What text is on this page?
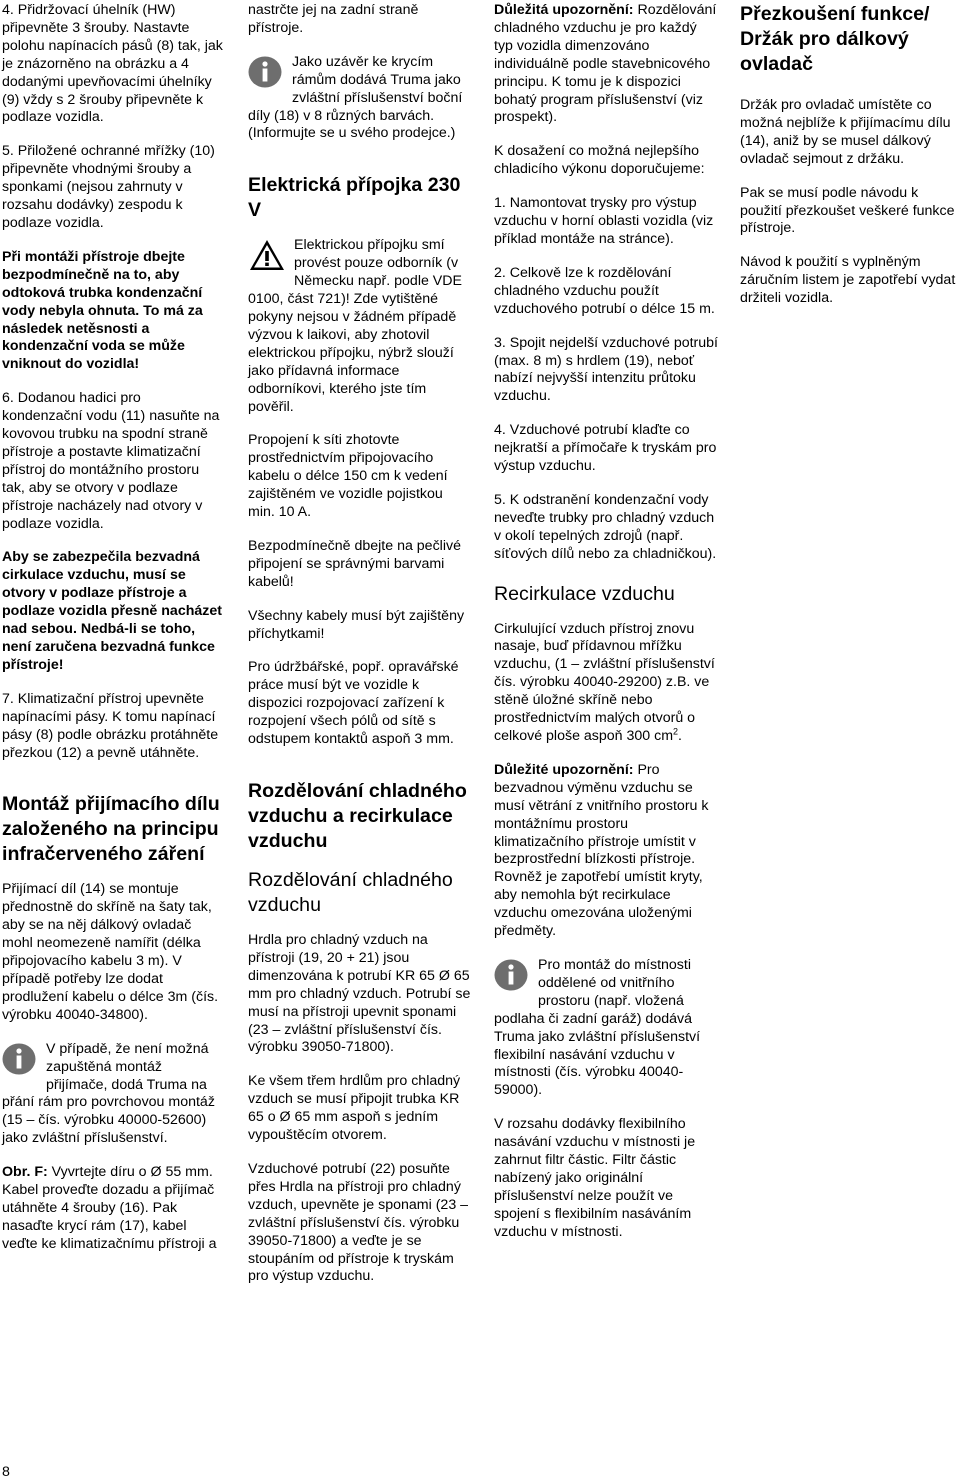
4. Přidržovací úhelník (HW) připevněte 3 šrouby. Nastavte polohu napínacích pásů (8) tak, jak je znázorněno na obrázku a 4 dodanými upevňovacími úhelníky (9) vždy s 2 šrouby připevněte k podlaze vozidla.

5. Přiložené ochranné mřížky (10) připevněte vhodnými šrouby a sponkami (nejsou zahrnuty v rozsahu dodávky) zespodu k podlaze vozidla.

Při montáži přístroje dbejte bezpodmínečně na to, aby odtoková trubka kondenzační vody nebyla ohnuta. To má za následek netěsnosti a kondenzační voda se může vniknout do vozidla!

6. Dodanou hadici pro kondenzační vodu (11) nasuňte na kovovou trubku na spodní straně přístroje a postavte klimatizační přístroj do montážního prostoru tak, aby se otvory v podlaze přístroje nacházely nad otvory v podlaze vozidla.

Aby se zabezpečila bezvadná cirkulace vzduchu, musí se otvory v podlaze přístroje a podlaze vozidla přesně nacházet nad sebou. Nedbá-li se toho, není zaručena bezvadná funkce přístroje!

7. Klimatizační přístroj upevněte napínacími pásy. K tomu napínací pásy (8) podle obrázku protáhněte přezkou (12) a pevně utáhněte.

Montáž přijímacího dílu založeného na principu infračerveného záření

Přijímací díl (14) se montuje přednostně do skříně na šaty tak, aby se na něj dálkový ovladač mohl neomezeně namířit (délka připojovacího kabelu 3 m). V případě potřeby lze dodat prodlužení kabelu o délce 3m (čís. výrobku 40040-34800).

V případě, že není možná zapuštěná montáž přijímače, dodá Truma na přání rám pro povrchovou montáž (15 – čís. výrobku 40000-52600) jako zvláštní příslušenství.

Obr. F: Vyvrtejte díru o Ø 55 mm. Kabel proveďte dozadu a přijímač utáhněte 4 šrouby (16). Pak nasaďte krycí rám (17), kabel veďte ke klimatizačnímu přístroji a

nastrčte jej na zadní straně přístroje.

Jako uzávěr ke krycím rámům dodává Truma jako zvláštní příslušenství boční díly (18) v 8 různých barvách. (Informujte se u svého prodejce.)

Elektrická přípojka 230 V

Elektrickou přípojku smí provést pouze odborník (v Německu např. podle VDE 0100, část 721)! Zde vytištěné pokyny nejsou v žádném případě výzvou k laikovi, aby zhotovil elektrickou přípojku, nýbrž slouží jako přídavná informace odborníkovi, kterého jste tím pověřil.

Propojení k síti zhotovte prostřednictvím připojovacího kabelu o délce 150 cm k vedení zajištěném ve vozidle pojistkou min. 10 A.

Bezpodmínečně dbejte na pečlivé připojení se správnými barvami kabelů!

Všechny kabely musí být zajištěny příchytkami!

Pro údržbářské, popř. opravářské práce musí být ve vozidle k dispozici rozpojovací zařízení k rozpojení všech pólů od sítě s odstupem kontaktů aspoň 3 mm.

Rozdělování chladného vzduchu a recirkulace vzduchu
Rozdělování chladného vzduchu

Hrdla pro chladný vzduch na přístroji (19, 20 + 21) jsou dimenzována k potrubí KR 65 Ø 65 mm pro chladný vzduch. Potrubí se musí na přístroji upevnit sponami (23 – zvláštní příslušenství čís. výrobku 39050-71800).

Ke všem třem hrdlům pro chladný vzduch se musí připojit trubka KR 65 o Ø 65 mm aspoň s jedním vypouštěcím otvorem.

Vzduchové potrubí (22) posuňte přes Hrdla na přístroji pro chladný vzduch, upevněte je sponami (23 – zvláštní příslušenství čís. výrobku 39050-71800) a veďte je se stoupáním od přístroje k tryskám pro výstup vzduchu.

Důležitá upozornění: Rozdělování chladného vzduchu je pro každý typ vozidla dimenzováno individuálně podle stavebnicového principu. K tomu je k dispozici bohatý program příslušenství (viz prospekt).

K dosažení co možná nejlepšího chladicího výkonu doporučujeme:

1. Namontovat trysky pro výstup vzduchu v horní oblasti vozidla (viz příklad montáže na stránce).

2. Celkově lze k rozdělování chladného vzduchu použít vzduchového potrubí o délce 15 m.

3. Spojit nejdelší vzduchové potrubí (max. 8 m) s hrdlem (19), neboť nabízí nejvyšší intenzitu průtoku vzduchu.

4. Vzduchové potrubí klaďte co nejkratší a přímočaře k tryskám pro výstup vzduchu.

5. K odstranění kondenzační vody neveďte trubky pro chladný vzduch v okolí tepelných zdrojů (např. síťových dílů nebo za chladničkou).

Recirkulace vzduchu

Cirkulující vzduch přístroj znovu nasaje, buď přídavnou mřížku vzduchu, (1 – zvláštní příslušenství čís. výrobku 40040-29200) z.B. ve stěně úložné skříně nebo prostřednictvím malých otvorů o celkové ploše aspoň 300 $cm^2$.

Důležité upozornění: Pro bezvadnou výměnu vzduchu se musí větrání z vnitřního prostoru k montážnímu prostoru klimatizačního přístroje umístit v bezprostřední blízkosti přístroje. Rovněž je zapotřebí umístit kryty, aby nemohla být recirkulace vzduchu omezována uloženými předměty.

Pro montáž do místnosti oddělené od vnitřního prostoru (např. vložená podlaha či zadní garáž) dodává Truma jako zvláštní příslušenství flexibilní nasávání vzduchu v místnosti (čís. výrobku 40040-59000).

V rozsahu dodávky flexibilního nasávání vzduchu v místnosti je zahrnut filtr částic. Filtr částic nabízený jako originální příslušenství nelze použít ve spojení s flexibilním nasáváním vzduchu v místnosti.

Přezkoušení funkce/ Držák pro dálkový ovladač

Držák pro ovladač umístěte co možná nejblíže k přijímacímu dílu (14), aniž by se musel dálkový ovladač sejmout z držáku.

Pak se musí podle návodu k použití přezkoušet veškeré funkce přístroje.

Návod k použití s vyplněným záručním listem je zapotřebí vydat držiteli vozidla.

8
